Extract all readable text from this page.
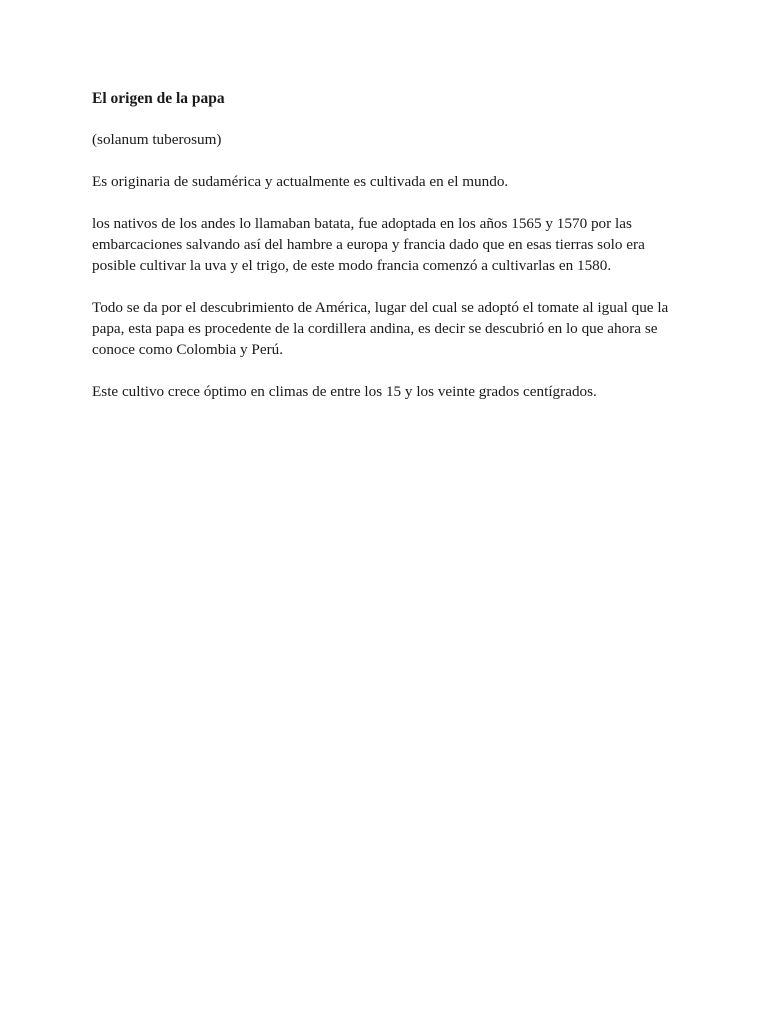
El origen de la papa

(solanum tuberosum)

Es originaria de sudamérica y actualmente es cultivada en el mundo.

los nativos de los andes lo llamaban batata, fue adoptada en los años 1565 y 1570 por las embarcaciones salvando así del hambre a europa y francia dado que en esas tierras solo era posible cultivar la uva y el trigo, de este modo francia comenzó a cultivarlas en 1580.

Todo se da por el descubrimiento de América, lugar del cual se adoptó el tomate al igual que la papa, esta papa es procedente de la cordillera andina, es decir se descubrió en lo que ahora se conoce como Colombia y Perú.

Este cultivo crece óptimo en climas de entre los 15 y los veinte grados centígrados.
